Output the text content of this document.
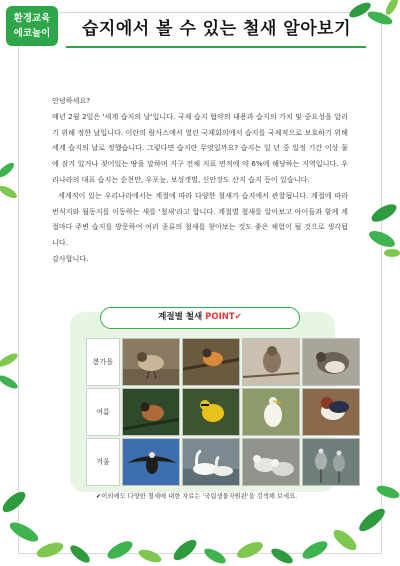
환경교육
에코놀이	습지에서 볼 수 있는 철새 알아보기

안녕하세요?

매년 2월 2일은 '세계 습지의 날'입니다. 국제 습지 협약의 내용과 습지의 가치 및 중요성을 알리기 위해 정한 날입니다. 이란의 람사스에서 열린 국제회의에서 습지를 국제적으로 보호하기 위해 세계 습지의 날로 정했습니다. 그렇다면 습지란 무엇일까요? 습지는 일 년 중 일정 기간 이상 물에 잠겨 있거나 젖어있는 땅을 말하며 지구 전체 지표 면적에 약 6%에 해당하는 지역입니다. 우리나라의 대표 습지는 순천만, 우포늪, 보성갯벌, 신안장도 산지 습지 등이 있습니다.

세계적이 있는 우리나라에서는 계절에 따라 다양한 철새가 습지에서 관찰됩니다. 계절에 따라 번식지와 월동지를 이동하는 새를 '철새'라고 합니다. 계절별 철새를 알아보고 아이들과 함께 계절마다 주변 습지를 방문하여 여러 종류의 철새를 찾아보는 것도 좋은 체험이 될 것으로 생각됩니다.

감사합니다.

계절별 철새 POINT✔
봄가을
여름
겨울
✔이외에도 다양한 철새에 대한 자료는 '국립생물자원관'을 검색해 보세요.
